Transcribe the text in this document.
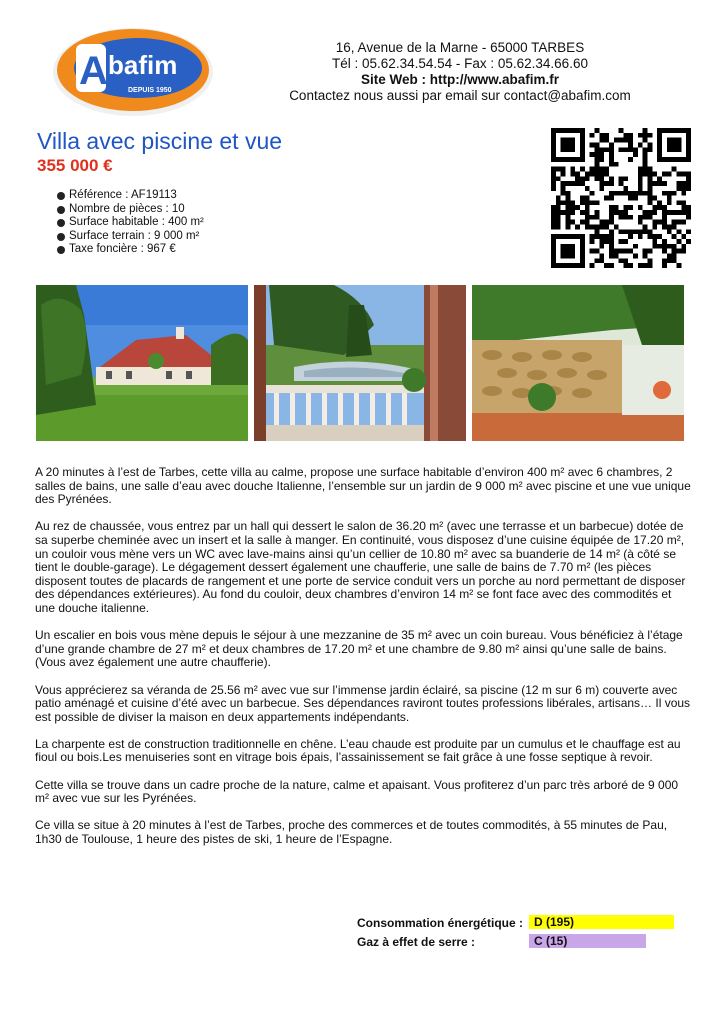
A bafim
DEPUIS 1950
16, Avenue de la Marne - 65000 TARBES
Tél : 05.62.34.54.54 - Fax : 05.62.34.66.60
Site Web : http://www.abafim.fr
Contactez nous aussi par email sur contact@abafim.com
Villa avec piscine et vue
355 000 €
Référence : AF19113
Nombre de pièces : 10
Surface habitable : 400 m²
Surface terrain : 9 000 m²
Taxe foncière : 967 €

A 20 minutes à l’est de Tarbes, cette villa au calme, propose une surface habitable d’environ 400 m² avec 6 chambres, 2 salles de bains, une salle d’eau avec douche Italienne, l’ensemble sur un jardin de 9 000 m² avec piscine et une vue unique des Pyrénées.

Au rez de chaussée, vous entrez par un hall qui dessert le salon de 36.20 m² (avec une terrasse et un barbecue) dotée de sa superbe cheminée avec un insert et la salle à manger. En continuité, vous disposez d’une cuisine équipée de 17.20 m², un couloir vous mène vers un WC avec lave-mains ainsi qu’un cellier de 10.80 m² avec sa buanderie de 14 m² (à côté se tient le double-garage). Le dégagement dessert également une chaufferie, une salle de bains de 7.70 m² (les pièces disposent toutes de placards de rangement et une porte de service conduit vers un porche au nord permettant de disposer des dépendances extérieures). Au fond du couloir, deux chambres d’environ 14 m² se font face avec des commodités et une douche italienne.

Un escalier en bois vous mène depuis le séjour à une mezzanine de 35 m² avec un coin bureau. Vous bénéficiez à l’étage d’une grande chambre de 27 m² et deux chambres de 17.20 m² et une chambre de 9.80 m² ainsi qu’une salle de bains.(Vous avez également une autre chaufferie).

Vous apprécierez sa véranda de 25.56 m² avec vue sur l’immense jardin éclairé, sa piscine (12 m sur 6 m) couverte avec patio aménagé et cuisine d’été avec un barbecue. Ses dépendances raviront toutes professions libérales, artisans… Il vous est possible de diviser la maison en deux appartements indépendants.

La charpente est de construction traditionnelle en chêne. L’eau chaude est produite par un cumulus et le chauffage est au fioul ou bois.Les menuiseries sont en vitrage bois épais, l’assainissement se fait grâce à une fosse septique à revoir.

Cette villa se trouve dans un cadre proche de la nature, calme et apaisant. Vous profiterez d’un parc très arboré de 9 000 m² avec vue sur les Pyrénées.

Ce villa se situe à 20 minutes à l’est de Tarbes, proche des commerces et de toutes commodités, à 55 minutes de Pau, 1h30 de Toulouse, 1 heure des pistes de ski, 1 heure de l’Espagne.

Consommation énergétique : D (195)
Gaz à effet de serre :	C (15)
